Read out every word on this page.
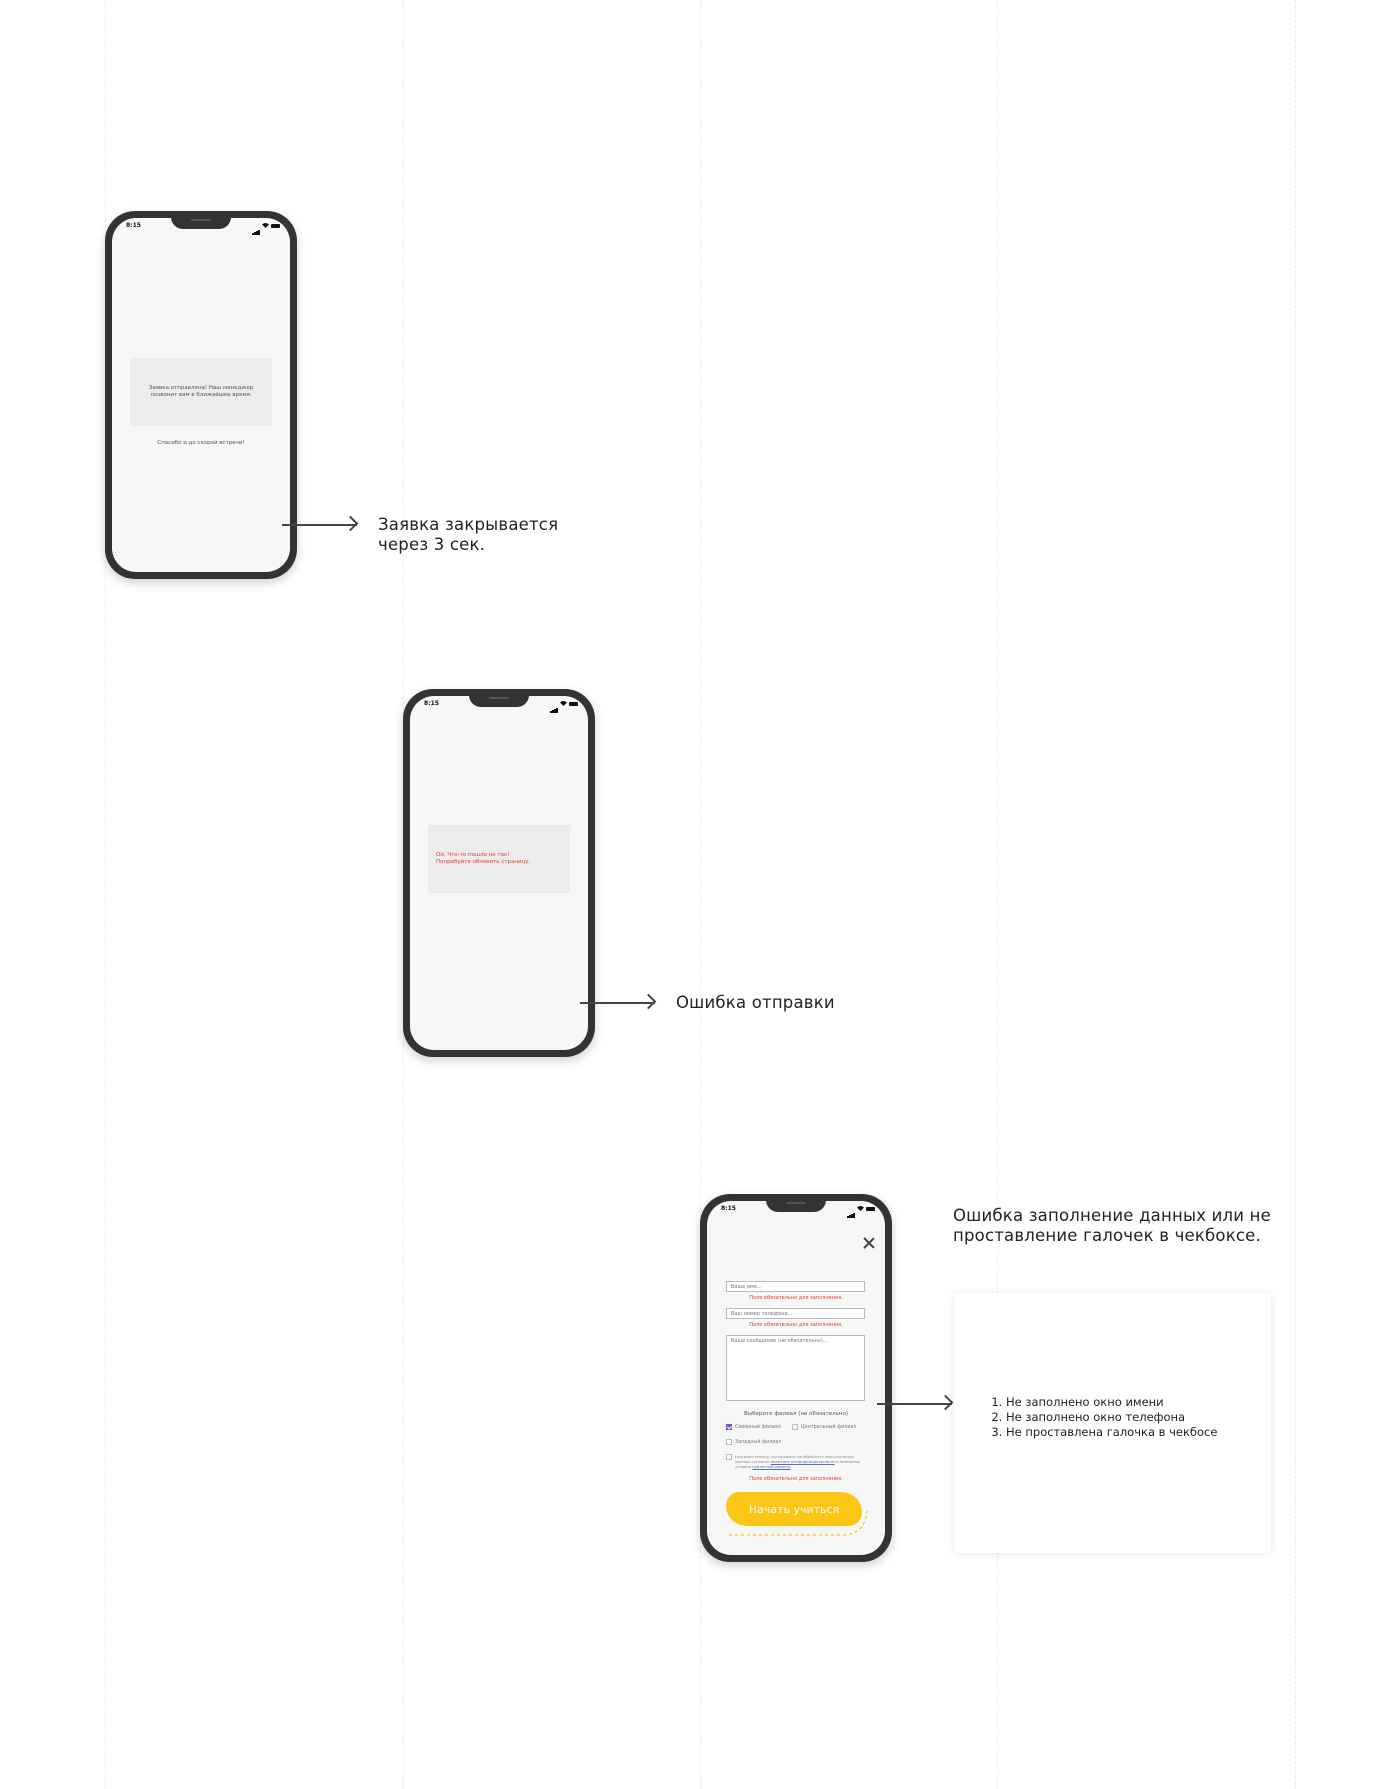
8:15
Заявка отправлена! Наш менеджер позвонит вам в ближайшее время.
Спасибо и до скорой встречи!
Заявка закрывается
через 3 сек.
8:15
Ой, Что-то пошло не так!
Попробуйте обновить страницу.
Ошибка отправки
8:15
Ваше имя...
Поле обязательно для заполнения.
Ваш номер телефона...
Поле обязательно для заполнения.
Ваше сообщение (не обязательно)...
Выберите филиал (не обязательно)
Северный филиал	Центральный филиал
Западный филиал
Нажимая кнопку, соглашаюсь на обработку персональных данных согласно политике конфиденциальности и принимаю условия публичной оферты
Поле обязательно для заполнения.
Начать учиться
Ошибка заполнение данных или не
проставление галочек в чекбоксе.
1. Не заполнено окно имени
2. Не заполнено окно телефона
3. Не проставлена галочка в чекбосе
